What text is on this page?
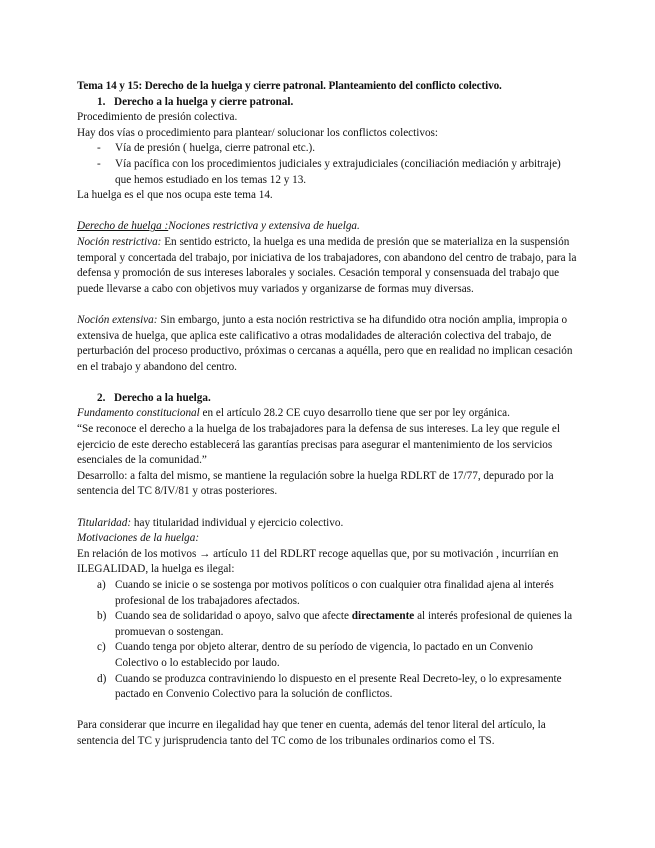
Tema 14 y 15: Derecho de la huelga y cierre patronal. Planteamiento del conflicto colectivo.

1. Derecho a la huelga y cierre patronal.

Procedimiento de presión colectiva.

Hay dos vías o procedimiento para plantear/ solucionar los conflictos colectivos:

- Vía de presión ( huelga, cierre patronal etc.).
- Vía pacífica con los procedimientos judiciales y extrajudiciales (conciliación mediación y arbitraje) que hemos estudiado en los temas 12 y 13.

La huelga es el que nos ocupa este tema 14.

Derecho de huelga :Nociones restrictiva y extensiva de huelga.

Noción restrictiva: En sentido estricto, la huelga es una medida de presión que se materializa en la suspensión temporal y concertada del trabajo, por iniciativa de los trabajadores, con abandono del centro de trabajo, para la defensa y promoción de sus intereses laborales y sociales. Cesación temporal y consensuada del trabajo que puede llevarse a cabo con objetivos muy variados y organizarse de formas muy diversas.

Noción extensiva: Sin embargo, junto a esta noción restrictiva se ha difundido otra noción amplia, impropia o extensiva de huelga, que aplica este calificativo a otras modalidades de alteración colectiva del trabajo, de perturbación del proceso productivo, próximas o cercanas a aquélla, pero que en realidad no implican cesación en el trabajo y abandono del centro.

2. Derecho a la huelga.

Fundamento constitucional en el artículo 28.2 CE cuyo desarrollo tiene que ser por ley orgánica.

“Se reconoce el derecho a la huelga de los trabajadores para la defensa de sus intereses. La ley que regule el ejercicio de este derecho establecerá las garantías precisas para asegurar el mantenimiento de los servicios esenciales de la comunidad.”

Desarrollo: a falta del mismo, se mantiene la regulación sobre la huelga RDLRT de 17/77, depurado por la sentencia del TC 8/IV/81 y otras posteriores.

Titularidad: hay titularidad individual y ejercicio colectivo.

Motivaciones de la huelga:

En relación de los motivos → artículo 11 del RDLRT recoge aquellas que, por su motivación , incurriían en ILEGALIDAD, la huelga es ilegal:

a) Cuando se inicie o se sostenga por motivos políticos o con cualquier otra finalidad ajena al interés profesional de los trabajadores afectados.
b) Cuando sea de solidaridad o apoyo, salvo que afecte directamente al interés profesional de quienes la promuevan o sostengan.
c) Cuando tenga por objeto alterar, dentro de su período de vigencia, lo pactado en un Convenio Colectivo o lo establecido por laudo.
d) Cuando se produzca contraviniendo lo dispuesto en el presente Real Decreto-ley, o lo expresamente pactado en Convenio Colectivo para la solución de conflictos.

Para considerar que incurre en ilegalidad hay que tener en cuenta, además del tenor literal del artículo, la sentencia del TC y jurisprudencia tanto del TC como de los tribunales ordinarios como el TS.
